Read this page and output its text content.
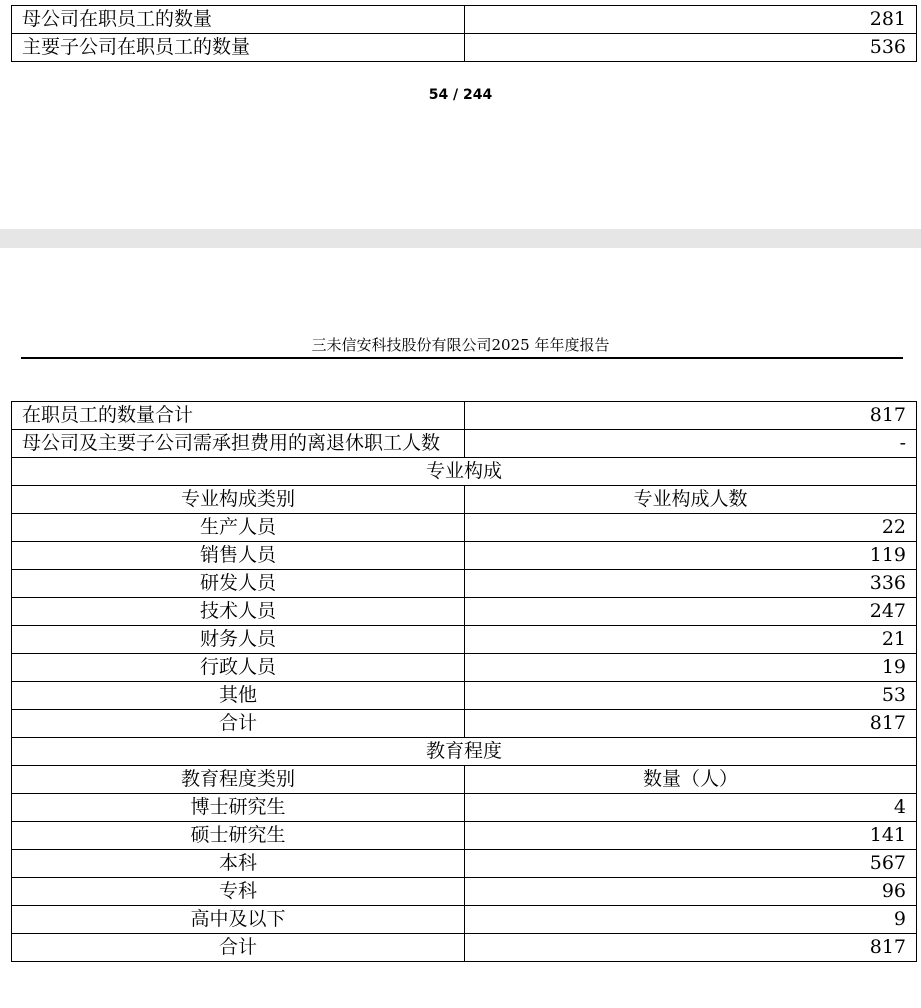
母公司在职员工的数量	281
主要子公司在职员工的数量	536
54 / 244
三未信安科技股份有限公司2025 年年度报告
在职员工的数量合计	817
母公司及主要子公司需承担费用的离退休职工人数	-
专业构成	
专业构成类别	专业构成人数
生产人员	22
销售人员	119
研发人员	336
技术人员	247
财务人员	21
行政人员	19
其他	53
合计	817
教育程度	
教育程度类别	数量（人）
博士研究生	4
硕士研究生	141
本科	567
专科	96
高中及以下	9
合计	817
